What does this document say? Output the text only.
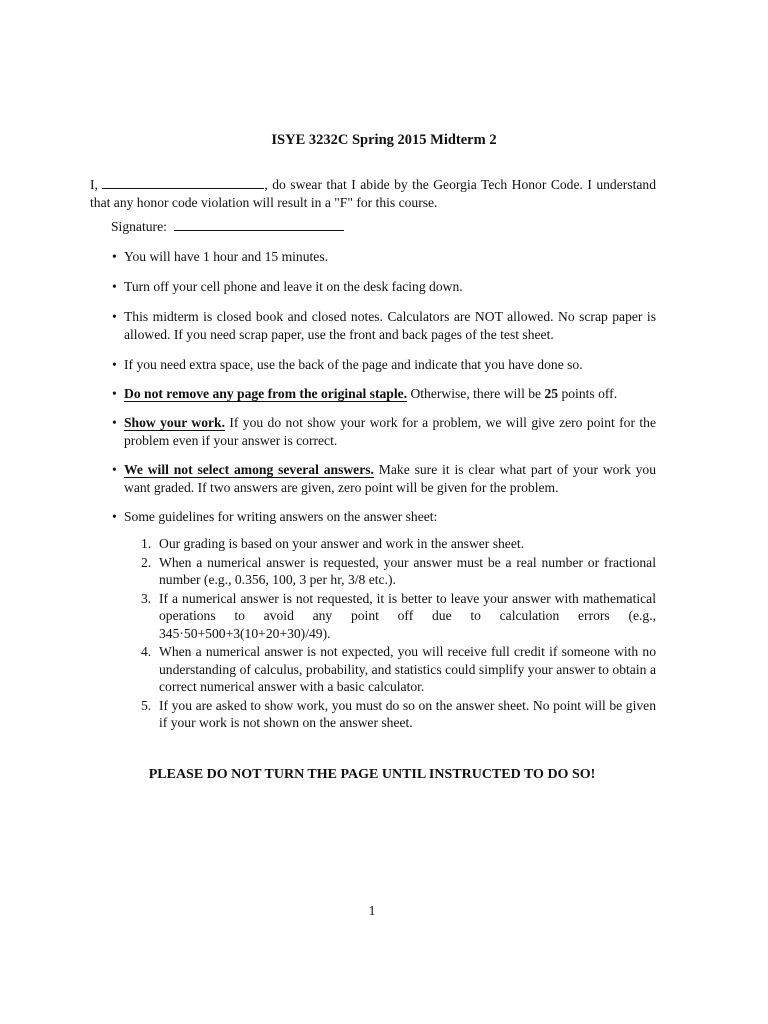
ISYE 3232C Spring 2015 Midterm 2
I,	, do swear that I abide by the Georgia Tech Honor Code. I understand that any honor code violation will result in a "F" for this course.
Signature:
• You will have 1 hour and 15 minutes.
• Turn off your cell phone and leave it on the desk facing down.
• This midterm is closed book and closed notes. Calculators are NOT allowed. No scrap paper is allowed. If you need scrap paper, use the front and back pages of the test sheet.
• If you need extra space, use the back of the page and indicate that you have done so.
• Do not remove any page from the original staple. Otherwise, there will be 25 points off.
• Show your work. If you do not show your work for a problem, we will give zero point for the problem even if your answer is correct.
• We will not select among several answers. Make sure it is clear what part of your work you want graded. If two answers are given, zero point will be given for the problem.
• Some guidelines for writing answers on the answer sheet:
1. Our grading is based on your answer and work in the answer sheet.
2. When a numerical answer is requested, your answer must be a real number or fractional number (e.g., 0.356, 100, 3 per hr, 3/8 etc.).
3. If a numerical answer is not requested, it is better to leave your answer with mathematical operations to avoid any point off due to calculation errors (e.g., 345·50+500+3(10+20+30)/49).
4. When a numerical answer is not expected, you will receive full credit if someone with no understanding of calculus, probability, and statistics could simplify your answer to obtain a correct numerical answer with a basic calculator.
5. If you are asked to show work, you must do so on the answer sheet. No point will be given if your work is not shown on the answer sheet.
PLEASE DO NOT TURN THE PAGE UNTIL INSTRUCTED TO DO SO!
1
